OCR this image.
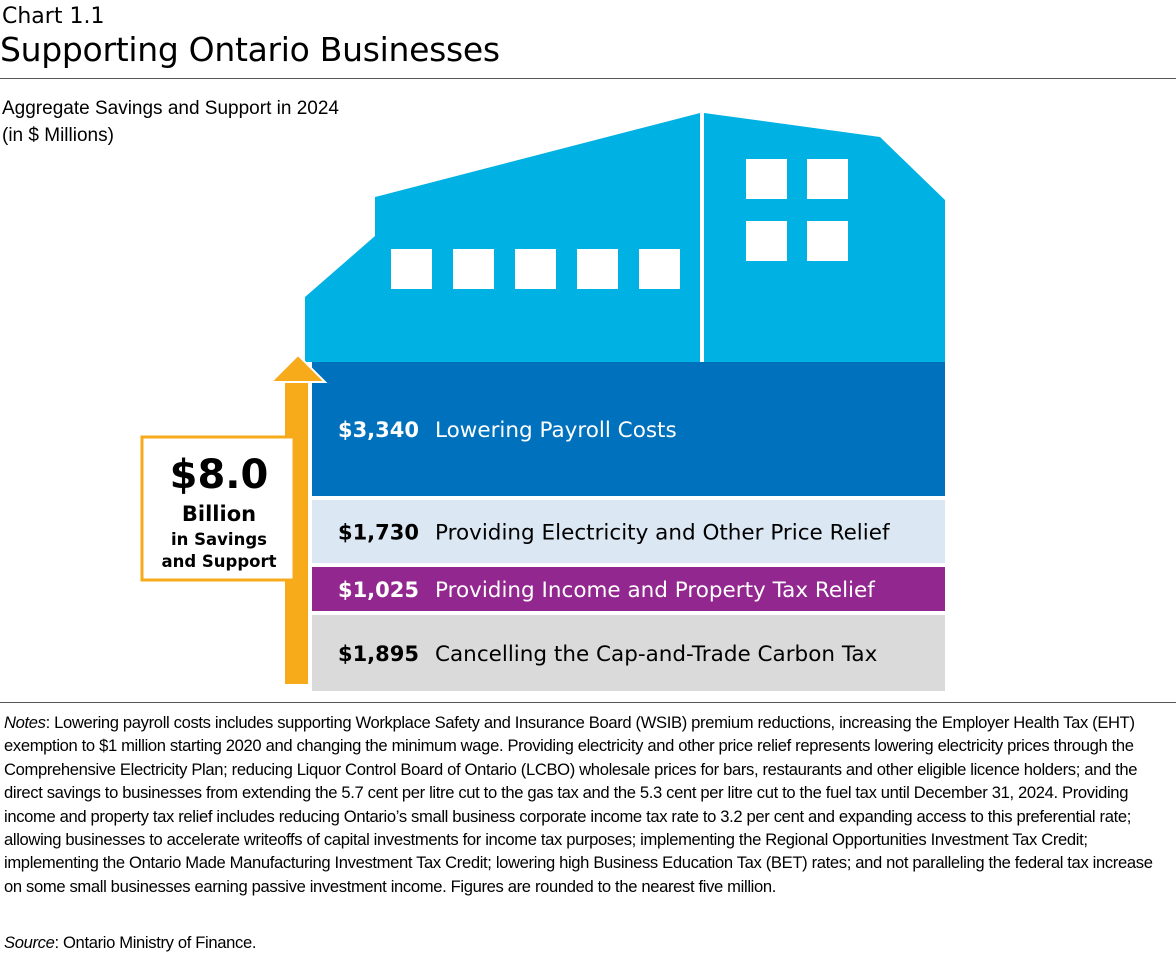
Chart 1.1
Supporting Ontario Businesses
Aggregate Savings and Support in 2024
(in $ Millions)
$3,340 Lowering Payroll Costs
$1,730 Providing Electricity and Other Price Relief
$1,025 Providing Income and Property Tax Relief
$1,895 Cancelling the Cap-and-Trade Carbon Tax
$8.0
Billion
in Savings
and Support
Notes: Lowering payroll costs includes supporting Workplace Safety and Insurance Board (WSIB) premium reductions, increasing the Employer Health Tax (EHT) exemption to $1 million starting 2020 and changing the minimum wage. Providing electricity and other price relief represents lowering electricity prices through the Comprehensive Electricity Plan; reducing Liquor Control Board of Ontario (LCBO) wholesale prices for bars, restaurants and other eligible licence holders; and the direct savings to businesses from extending the 5.7 cent per litre cut to the gas tax and the 5.3 cent per litre cut to the fuel tax until December 31, 2024. Providing income and property tax relief includes reducing Ontario’s small business corporate income tax rate to 3.2 per cent and expanding access to this preferential rate; allowing businesses to accelerate writeoffs of capital investments for income tax purposes; implementing the Regional Opportunities Investment Tax Credit; implementing the Ontario Made Manufacturing Investment Tax Credit; lowering high Business Education Tax (BET) rates; and not paralleling the federal tax increase on some small businesses earning passive investment income. Figures are rounded to the nearest five million.
Source: Ontario Ministry of Finance.
